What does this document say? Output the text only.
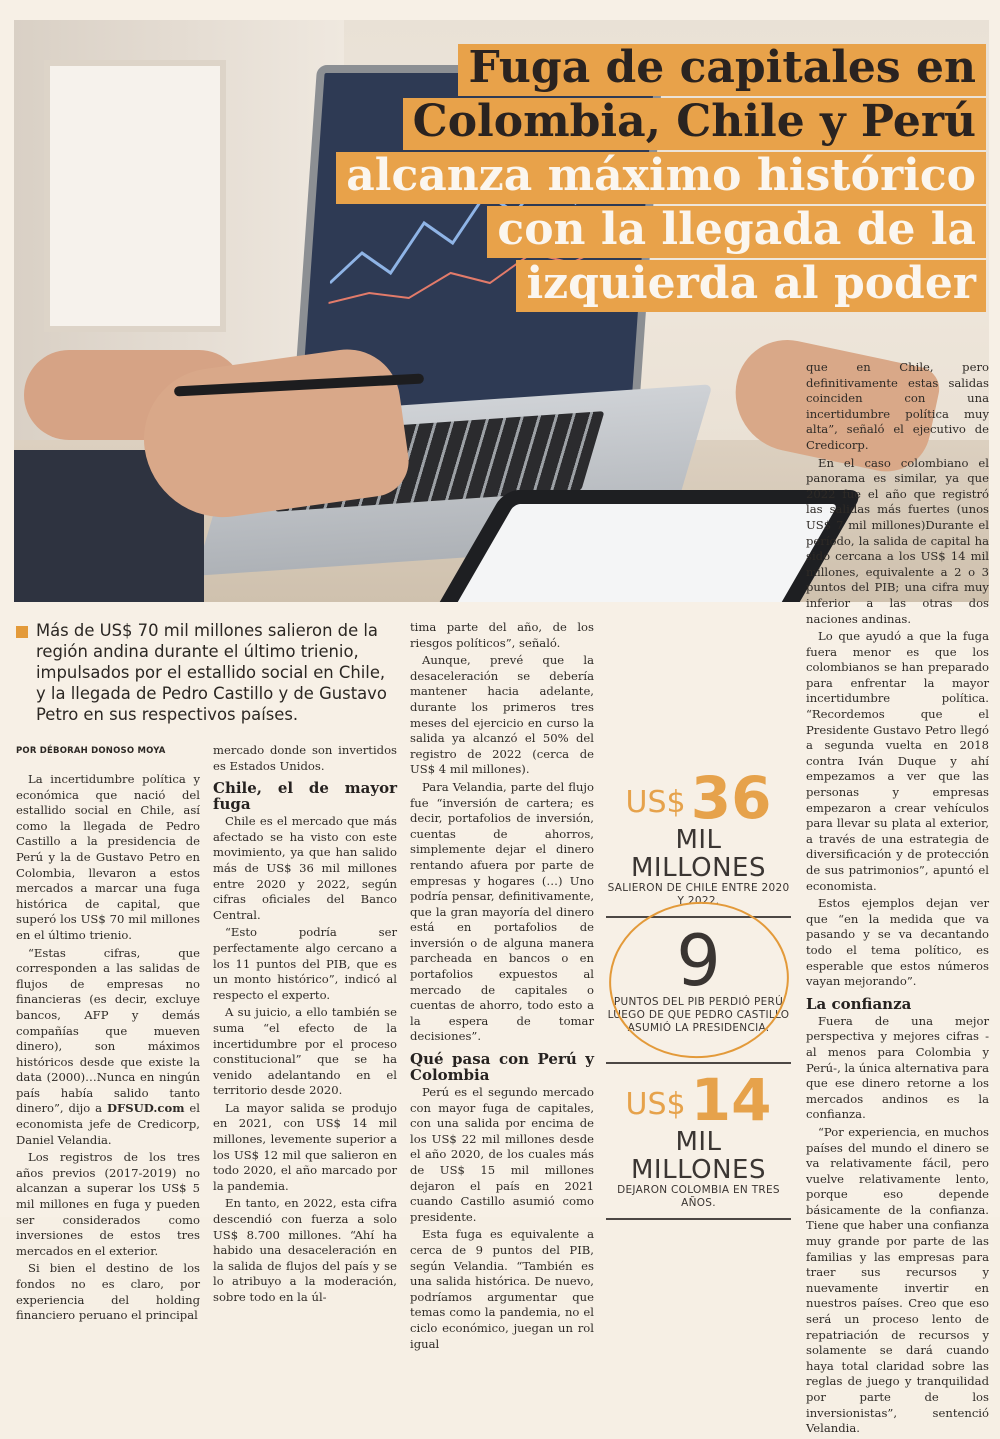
Fuga de capitales en
Colombia, Chile y Perú
alcanza máximo histórico
con la llegada de la
izquierda al poder
Más de US$ 70 mil millones salieron de la región andina durante el último trienio, impulsados por el estallido social en Chile, y la llegada de Pedro Castillo y de Gustavo Petro en sus respectivos países.
POR DÉBORAH DONOSO MOYA

La incertidumbre política y económica que nació del estallido social en Chile, así como la llegada de Pedro Castillo a la presidencia de Perú y la de Gustavo Petro en Colombia, llevaron a estos mercados a marcar una fuga histórica de capital, que superó los US$ 70 mil millones en el último trienio.

“Estas cifras, que corresponden a las salidas de flujos de empresas no financieras (es decir, excluye bancos, AFP y demás compañías que mueven dinero), son máximos históricos desde que existe la data (2000)…Nunca en ningún país había salido tanto dinero”, dijo a DFSUD.com el economista jefe de Credicorp, Daniel Velandia.

Los registros de los tres años previos (2017-2019) no alcanzan a superar los US$ 5 mil millones en fuga y pueden ser considerados como inversiones de estos tres mercados en el exterior.

Si bien el destino de los fondos no es claro, por experiencia del holding financiero peruano el principal

mercado donde son invertidos es Estados Unidos.

Chile, el de mayor fuga

Chile es el mercado que más afectado se ha visto con este movimiento, ya que han salido más de US$ 36 mil millones entre 2020 y 2022, según cifras oficiales del Banco Central.

“Esto podría ser perfectamente algo cercano a los 11 puntos del PIB, que es un monto histórico”, indicó al respecto el experto.

A su juicio, a ello también se suma “el efecto de la incertidumbre por el proceso constitucional” que se ha venido adelantando en el territorio desde 2020.

La mayor salida se produjo en 2021, con US$ 14 mil millones, levemente superior a los US$ 12 mil que salieron en todo 2020, el año marcado por la pandemia.

En tanto, en 2022, esta cifra descendió con fuerza a solo US$ 8.700 millones. “Ahí ha habido una desaceleración en la salida de flujos del país y se lo atribuyo a la moderación, sobre todo en la úl-

tima parte del año, de los riesgos políticos”, señaló.

Aunque, prevé que la desaceleración se debería mantener hacia adelante, durante los primeros tres meses del ejercicio en curso la salida ya alcanzó el 50% del registro de 2022 (cerca de US$ 4 mil millones).

Para Velandia, parte del flujo fue “inversión de cartera; es decir, portafolios de inversión, cuentas de ahorros, simplemente dejar el dinero rentando afuera por parte de empresas y hogares (…) Uno podría pensar, definitivamente, que la gran mayoría del dinero está en portafolios de inversión o de alguna manera parcheada en bancos o en portafolios expuestos al mercado de capitales o cuentas de ahorro, todo esto a la espera de tomar decisiones”.

Qué pasa con Perú y Colombia

Perú es el segundo mercado con mayor fuga de capitales, con una salida por encima de los US$ 22 mil millones desde el año 2020, de los cuales más de US$ 15 mil millones dejaron el país en 2021 cuando Castillo asumió como presidente.

Esta fuga es equivalente a cerca de 9 puntos del PIB, según Velandia. “También es una salida histórica. De nuevo, podríamos argumentar que temas como la pandemia, no el ciclo económico, juegan un rol igual

US$ 36
MIL MILLONES
SALIERON DE CHILE ENTRE 2020 Y 2022.
9
PUNTOS DEL PIB PERDIÓ PERÚ LUEGO DE QUE PEDRO CASTILLO ASUMIÓ LA PRESIDENCIA.
US$ 14
MIL MILLONES
DEJARON COLOMBIA EN TRES AÑOS.

que en Chile, pero definitivamente estas salidas coinciden con una incertidumbre política muy alta”, señaló el ejecutivo de Credicorp.

En el caso colombiano el panorama es similar, ya que 2022 fue el año que registró las salidas más fuertes (unos US$ 7 mil millones)Durante el período, la salida de capital ha sido cercana a los US$ 14 mil millones, equivalente a 2 o 3 puntos del PIB; una cifra muy inferior a las otras dos naciones andinas.

Lo que ayudó a que la fuga fuera menor es que los colombianos se han preparado para enfrentar la mayor incertidumbre política. “Recordemos que el Presidente Gustavo Petro llegó a segunda vuelta en 2018 contra Iván Duque y ahí empezamos a ver que las personas y empresas empezaron a crear vehículos para llevar su plata al exterior, a través de una estrategia de diversificación y de protección de sus patrimonios”, apuntó el economista.

Estos ejemplos dejan ver que “en la medida que va pasando y se va decantando todo el tema político, es esperable que estos números vayan mejorando”.

La confianza

Fuera de una mejor perspectiva y mejores cifras -al menos para Colombia y Perú-, la única alternativa para que ese dinero retorne a los mercados andinos es la confianza.

“Por experiencia, en muchos países del mundo el dinero se va relativamente fácil, pero vuelve relativamente lento, porque eso depende básicamente de la confianza. Tiene que haber una confianza muy grande por parte de las familias y las empresas para traer sus recursos y nuevamente invertir en nuestros países. Creo que eso será un proceso lento de repatriación de recursos y solamente se dará cuando haya total claridad sobre las reglas de juego y tranquilidad por parte de los inversionistas”, sentenció Velandia.
